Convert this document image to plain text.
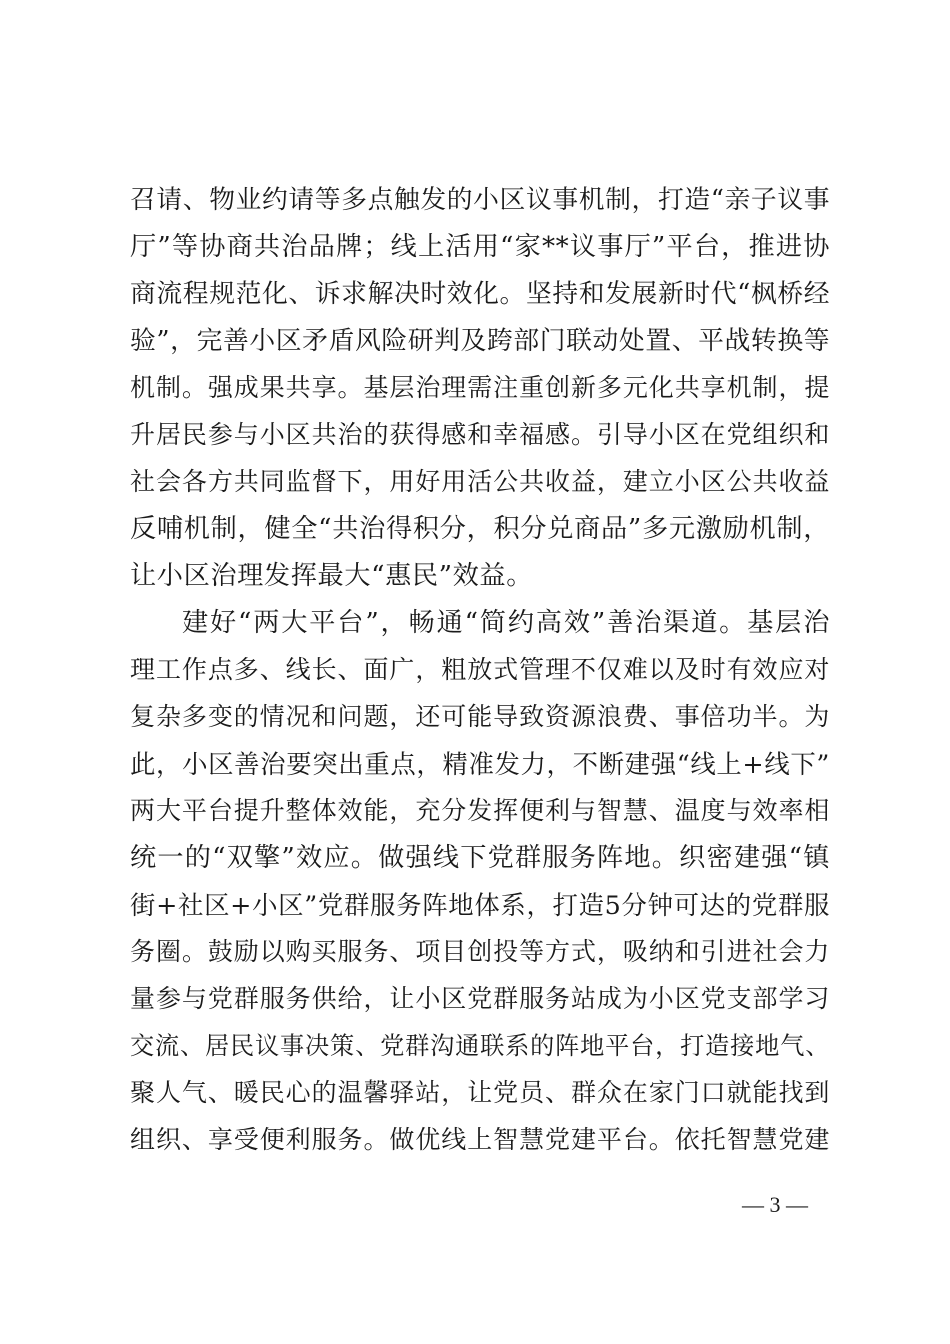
召请、物业约请等多点触发的小区议事机制，打造“亲子议事
厅”等协商共治品牌；线上活用“家**议事厅”平台，推进协
商流程规范化、诉求解决时效化。坚持和发展新时代“枫桥经
验”，完善小区矛盾风险研判及跨部门联动处置、平战转换等
机制。强成果共享。基层治理需注重创新多元化共享机制，提
升居民参与小区共治的获得感和幸福感。引导小区在党组织和
社会各方共同监督下，用好用活公共收益，建立小区公共收益
反哺机制，健全“共治得积分，积分兑商品”多元激励机制，
让小区治理发挥最大“惠民”效益。
建好“两大平台”，畅通“简约高效”善治渠道。基层治
理工作点多、线长、面广，粗放式管理不仅难以及时有效应对
复杂多变的情况和问题，还可能导致资源浪费、事倍功半。为
此，小区善治要突出重点，精准发力，不断建强“线上+线下”
两大平台提升整体效能，充分发挥便利与智慧、温度与效率相
统一的“双擎”效应。做强线下党群服务阵地。织密建强“镇
街+社区+小区”党群服务阵地体系，打造5分钟可达的党群服
务圈。鼓励以购买服务、项目创投等方式，吸纳和引进社会力
量参与党群服务供给，让小区党群服务站成为小区党支部学习
交流、居民议事决策、党群沟通联系的阵地平台，打造接地气、
聚人气、暖民心的温馨驿站，让党员、群众在家门口就能找到
组织、享受便利服务。做优线上智慧党建平台。依托智慧党建
— 3 —
